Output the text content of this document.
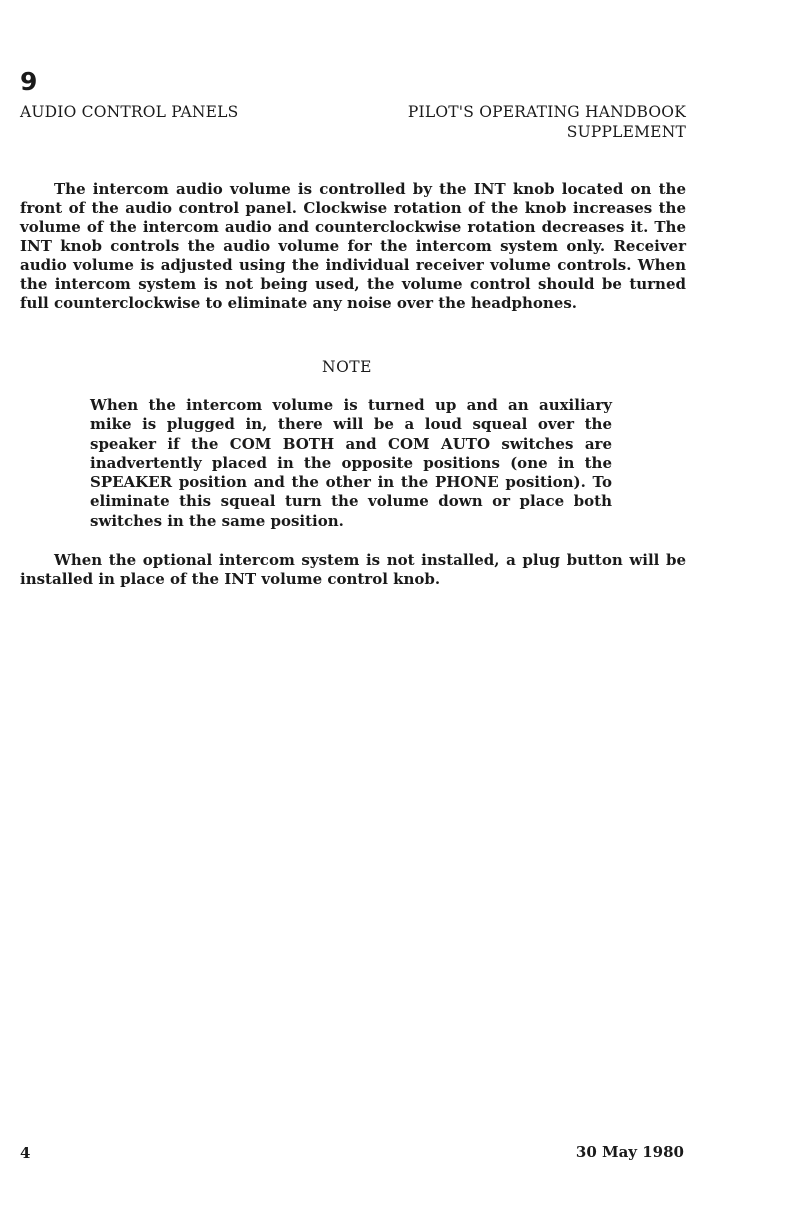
9
AUDIO CONTROL PANELS	PILOT'S OPERATING HANDBOOK
SUPPLEMENT

The intercom audio volume is controlled by the INT knob located on the front of the audio control panel. Clockwise rotation of the knob increases the volume of the intercom audio and counterclockwise rotation decreases it. The INT knob controls the audio volume for the intercom system only. Receiver audio volume is adjusted using the individual receiver volume controls. When the intercom system is not being used, the volume control should be turned full counterclockwise to eliminate any noise over the headphones.

NOTE

When the intercom volume is turned up and an auxiliary mike is plugged in, there will be a loud squeal over the speaker if the COM BOTH and COM AUTO switches are inadvertently placed in the opposite positions (one in the SPEAKER position and the other in the PHONE position). To eliminate this squeal turn the volume down or place both switches in the same position.

When the optional intercom system is not installed, a plug button will be installed in place of the INT volume control knob.

4	30 May 1980
